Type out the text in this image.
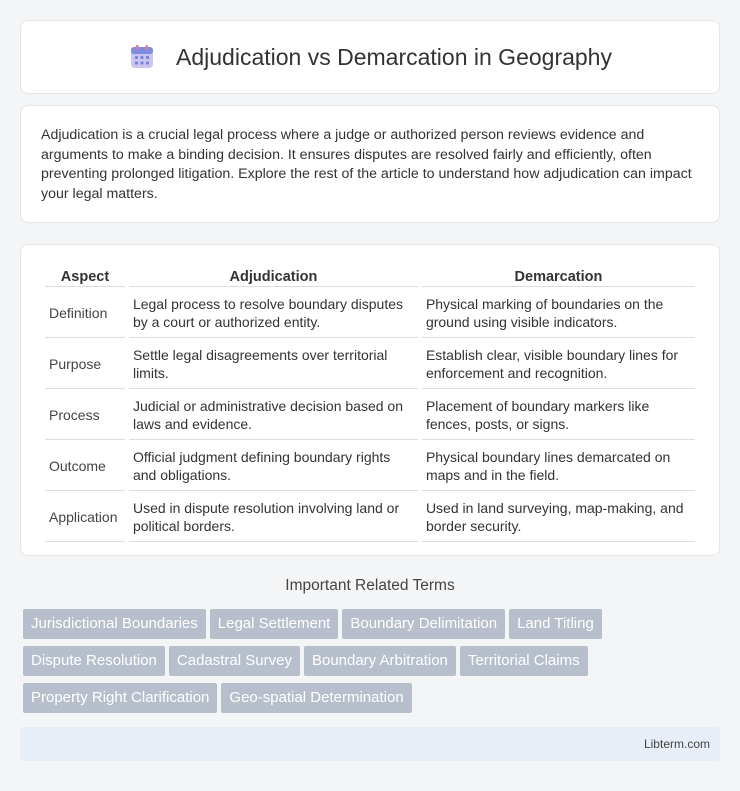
Adjudication vs Demarcation in Geography

Adjudication is a crucial legal process where a judge or authorized person reviews evidence and arguments to make a binding decision. It ensures disputes are resolved fairly and efficiently, often preventing prolonged litigation. Explore the rest of the article to understand how adjudication can impact your legal matters.

Aspect	Adjudication	Demarcation
Definition	Legal process to resolve boundary disputes by a court or authorized entity.	Physical marking of boundaries on the ground using visible indicators.
Purpose	Settle legal disagreements over territorial limits.	Establish clear, visible boundary lines for enforcement and recognition.
Process	Judicial or administrative decision based on laws and evidence.	Placement of boundary markers like fences, posts, or signs.
Outcome	Official judgment defining boundary rights and obligations.	Physical boundary lines demarcated on maps and in the field.
Application	Used in dispute resolution involving land or political borders.	Used in land surveying, map-making, and border security.
Important Related Terms
Jurisdictional Boundaries Legal Settlement Boundary Delimitation Land Titling
Dispute Resolution Cadastral Survey Boundary Arbitration Territorial Claims
Property Right Clarification Geo-spatial Determination
Libterm.com
